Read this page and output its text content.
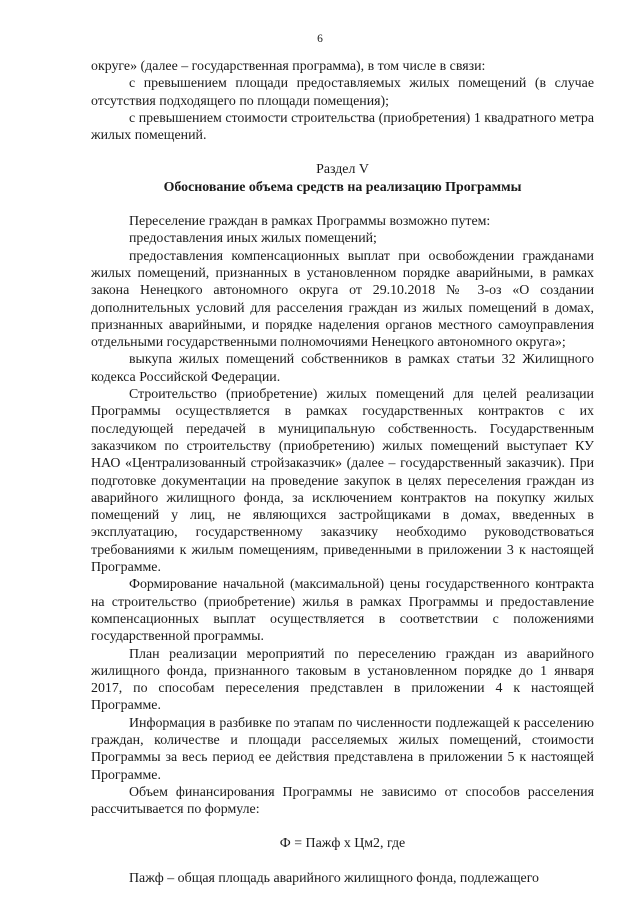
6

округе» (далее – государственная программа), в том числе в связи:

с превышением площади предоставляемых жилых помещений (в случае отсутствия подходящего по площади помещения);

с превышением стоимости строительства (приобретения) 1 квадратного метра жилых помещений.

Раздел V

Обоснование объема средств на реализацию Программы

Переселение граждан в рамках Программы возможно путем:

предоставления иных жилых помещений;

предоставления компенсационных выплат при освобождении гражданами жилых помещений, признанных в установленном порядке аварийными, в рамках закона Ненецкого автономного округа от 29.10.2018 № 3-оз «О создании дополнительных условий для расселения граждан из жилых помещений в домах, признанных аварийными, и порядке наделения органов местного самоуправления отдельными государственными полномочиями Ненецкого автономного округа»;

выкупа жилых помещений собственников в рамках статьи 32 Жилищного кодекса Российской Федерации.

Строительство (приобретение) жилых помещений для целей реализации Программы осуществляется в рамках государственных контрактов с их последующей передачей в муниципальную собственность. Государственным заказчиком по строительству (приобретению) жилых помещений выступает КУ НАО «Централизованный стройзаказчик» (далее – государственный заказчик). При подготовке документации на проведение закупок в целях переселения граждан из аварийного жилищного фонда, за исключением контрактов на покупку жилых помещений у лиц, не являющихся застройщиками в домах, введенных в эксплуатацию, государственному заказчику необходимо руководствоваться требованиями к жилым помещениям, приведенными в приложении 3 к настоящей Программе.

Формирование начальной (максимальной) цены государственного контракта на строительство (приобретение) жилья в рамках Программы и предоставление компенсационных выплат осуществляется в соответствии с положениями государственной программы.

План реализации мероприятий по переселению граждан из аварийного жилищного фонда, признанного таковым в установленном порядке до 1 января 2017, по способам переселения представлен в приложении 4 к настоящей Программе.

Информация в разбивке по этапам по численности подлежащей к расселению граждан, количестве и площади расселяемых жилых помещений, стоимости Программы за весь период ее действия представлена в приложении 5 к настоящей Программе.

Объем финансирования Программы не зависимо от способов расселения рассчитывается по формуле:

Ф = Пажф х Цм2, где

Пажф – общая площадь аварийного жилищного фонда, подлежащего
